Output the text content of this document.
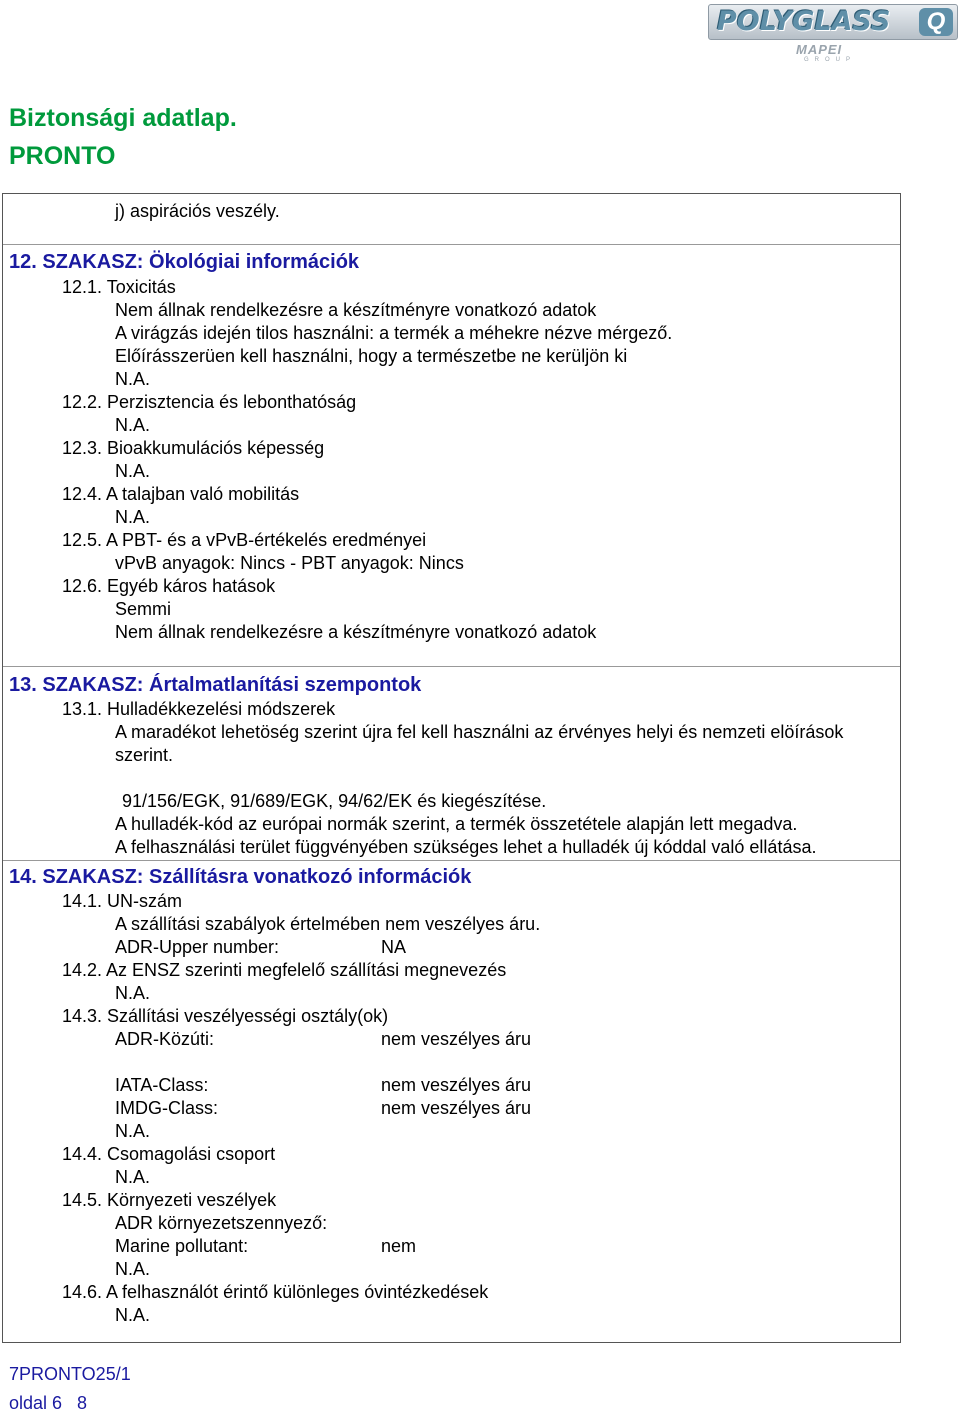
POLYGLASS	Q
MAPEI
GROUP
Biztonsági adatlap.
PRONTO
j) aspirációs veszély.
12. SZAKASZ: Ökológiai információk
12.1. Toxicitás
Nem állnak rendelkezésre a készítményre vonatkozó adatok
A virágzás idején tilos használni: a termék a méhekre nézve mérgező.
Előírásszerüen kell használni, hogy a természetbe ne kerüljön ki
N.A.
12.2. Perzisztencia és lebonthatóság
N.A.
12.3. Bioakkumulációs képesség
N.A.
12.4. A talajban való mobilitás
N.A.
12.5. A PBT- és a vPvB-értékelés eredményei
vPvB anyagok: Nincs - PBT anyagok: Nincs
12.6. Egyéb káros hatások
Semmi
Nem állnak rendelkezésre a készítményre vonatkozó adatok
13. SZAKASZ: Ártalmatlanítási szempontok
13.1. Hulladékkezelési módszerek
A maradékot lehetöség szerint újra fel kell használni az érvényes helyi és nemzeti elöírások
szerint.
91/156/EGK, 91/689/EGK, 94/62/EK és kiegészítése.
A hulladék-kód az európai normák szerint, a termék összetétele alapján lett megadva.
A felhasználási terület függvényében szükséges lehet a hulladék új kóddal való ellátása.
14. SZAKASZ: Szállításra vonatkozó információk
14.1. UN-szám
A szállítási szabályok értelmében nem veszélyes áru.
ADR-Upper number:	NA
14.2. Az ENSZ szerinti megfelelő szállítási megnevezés
N.A.
14.3. Szállítási veszélyességi osztály(ok)
ADR-Közúti:	nem veszélyes áru
IATA-Class:	nem veszélyes áru
IMDG-Class:	nem veszélyes áru
N.A.
14.4. Csomagolási csoport
N.A.
14.5. Környezeti veszélyek
ADR környezetszennyező:
Marine pollutant:	nem
N.A.
14.6. A felhasználót érintő különleges óvintézkedések
N.A.
7PRONTO25/1
oldal 6   8
